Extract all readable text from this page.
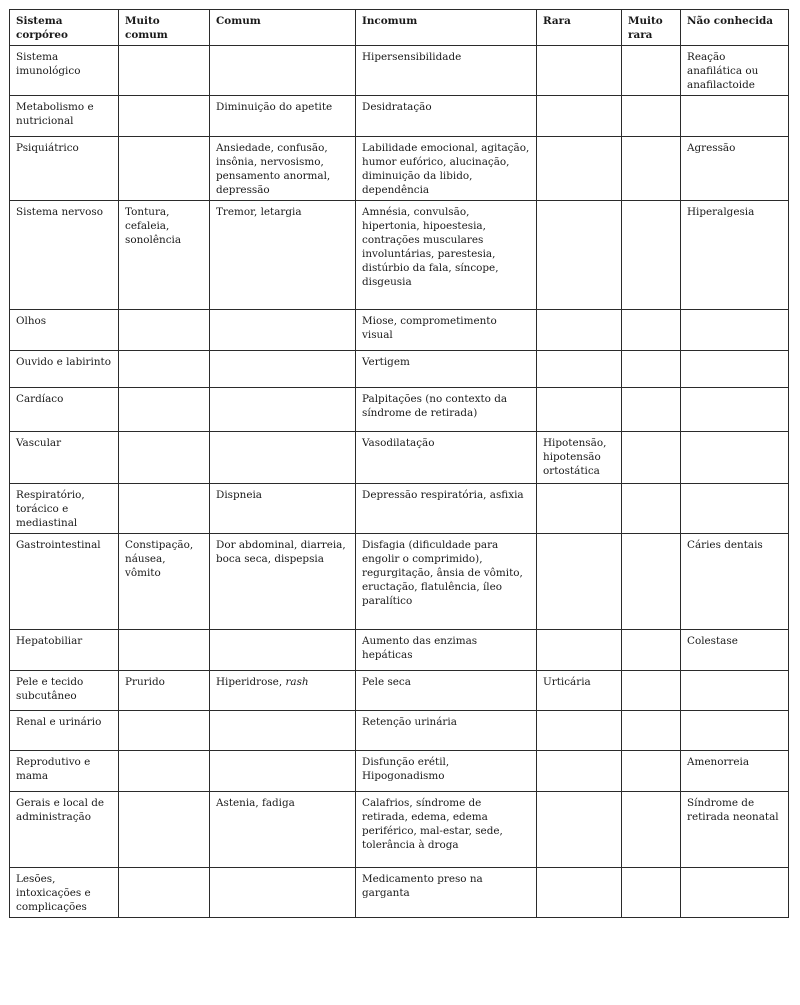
Sistema corpóreo	Muito comum	Comum	Incomum	Rara	Muito rara	Não conhecida
Sistema imunológico			Hipersensibilidade			Reação anafilática ou anafilactoide
Metabolismo e nutricional		Diminuição do apetite	Desidratação			
Psiquiátrico		Ansiedade, confusão, insônia, nervosismo, pensamento anormal, depressão	Labilidade emocional, agitação, humor eufórico, alucinação, diminuição da libido, dependência			Agressão
Sistema nervoso	Tontura, cefaleia, sonolência	Tremor, letargia	Amnésia, convulsão, hipertonia, hipoestesia, contrações musculares involuntárias, parestesia, distúrbio da fala, síncope, disgeusia			Hiperalgesia
Olhos			Miose, comprometimento visual			
Ouvido e labirinto			Vertigem			
Cardíaco			Palpitações (no contexto da síndrome de retirada)			
Vascular			Vasodilatação	Hipotensão, hipotensão ortostática		
Respiratório, torácico e mediastinal		Dispneia	Depressão respiratória, asfixia			
Gastrointestinal	Constipação, náusea, vômito	Dor abdominal, diarreia, boca seca, dispepsia	Disfagia (dificuldade para engolir o comprimido), regurgitação, ânsia de vômito, eructação, flatulência, íleo paralítico			Cáries dentais
Hepatobiliar			Aumento das enzimas hepáticas			Colestase
Pele e tecido subcutâneo	Prurido	Hiperidrose, rash	Pele seca	Urticária		
Renal e urinário			Retenção urinária			
Reprodutivo e mama			Disfunção erétil, Hipogonadismo			Amenorreia
Gerais e local de administração		Astenia, fadiga	Calafrios, síndrome de retirada, edema, edema periférico, mal-estar, sede, tolerância à droga			Síndrome de retirada neonatal
Lesões, intoxicações e complicações			Medicamento preso na garganta			
